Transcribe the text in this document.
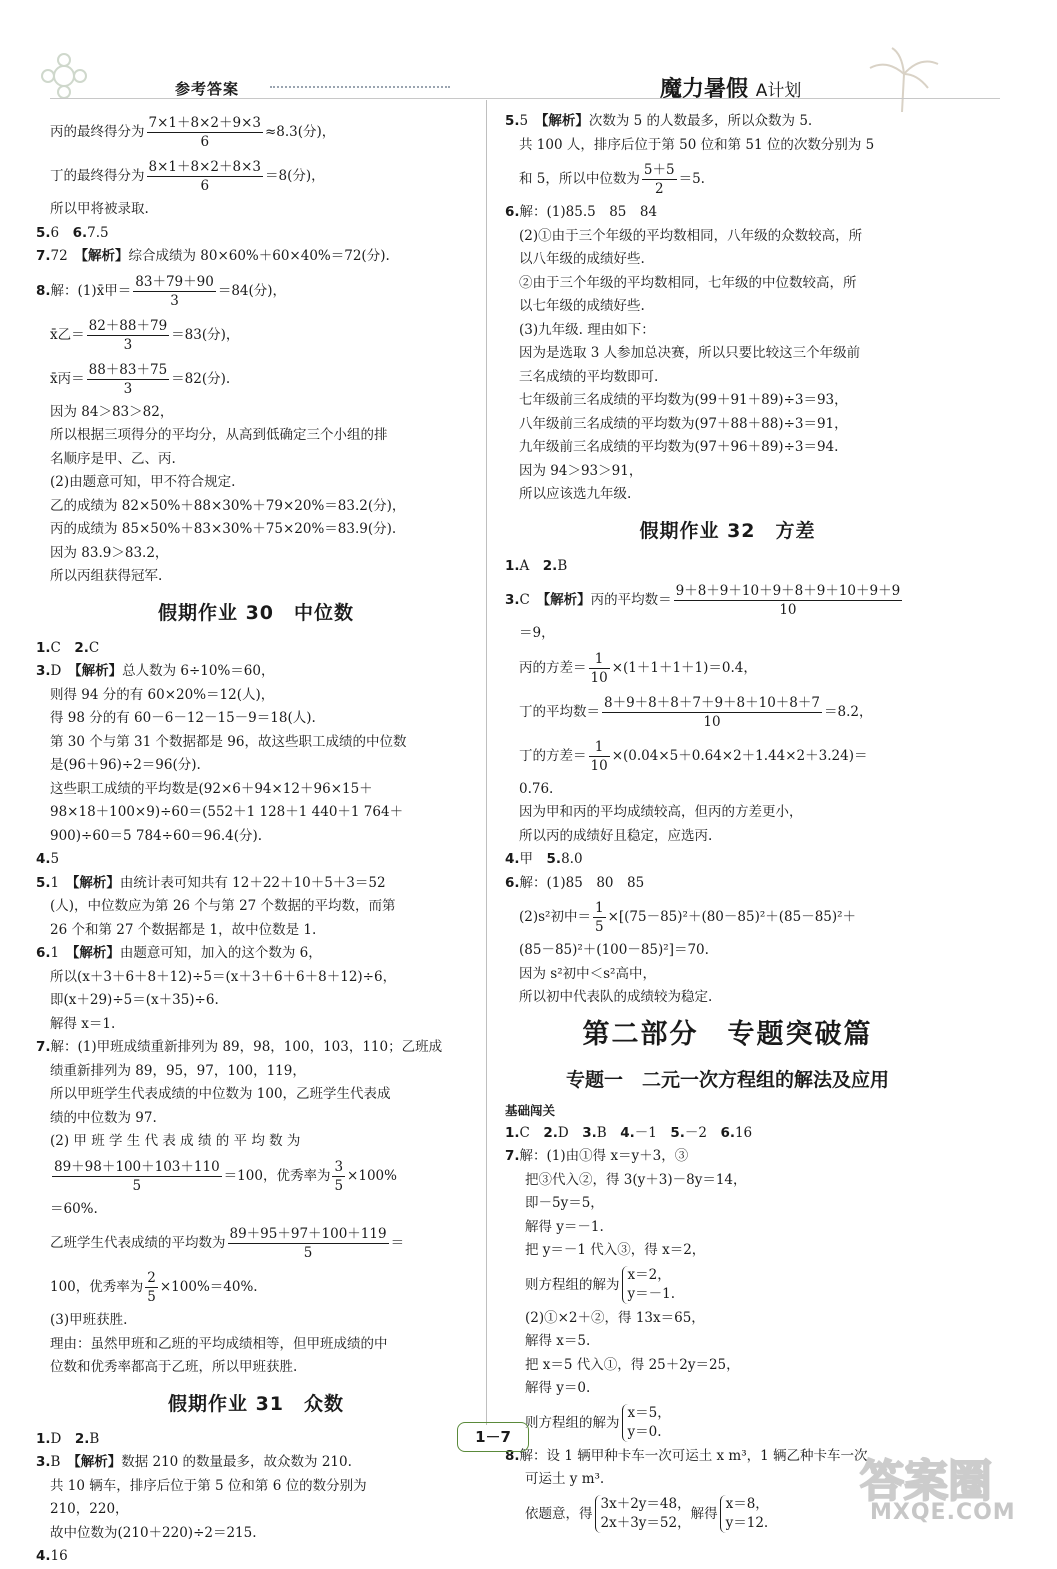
参考答案	魔力暑假 A计划
丙的最终得分为 $\frac{7\times 1+8\times 2+9\times 3}{6} \approx 8.3$(分)，
丁的最终得分为 $\frac{8\times 1+8\times 2+8\times 3}{6} =8$(分)，
所以甲将被录取.
5.6　6.7.5
7.72　【解析】综合成绩为 80×60%＋60×40%＝72(分).
8.解：(1)x̄甲＝ $\frac{83+79+90}{3} =84$(分)，
x̄乙＝ $\frac{82+88+79}{3} =83$(分)，
x̄丙＝ $\frac{88+83+75}{3} =82$(分).
因为 84＞83＞82，
所以根据三项得分的平均分，从高到低确定三个小组的排
名顺序是甲、乙、丙.
(2)由题意可知，甲不符合规定.
乙的成绩为 82×50%＋88×30%＋79×20%＝83.2(分)，
丙的成绩为 85×50%＋83×30%＋75×20%＝83.9(分).
因为 83.9＞83.2，
所以丙组获得冠军.
假期作业 30　中位数
1.C　2.C
3.D　【解析】总人数为 6÷10%＝60，
则得 94 分的有 60×20%＝12(人)，
得 98 分的有 60－6－12－15－9＝18(人).
第 30 个与第 31 个数据都是 96，故这些职工成绩的中位数
是(96＋96)÷2＝96(分).
这些职工成绩的平均数是(92×6＋94×12＋96×15＋
98×18＋100×9)÷60＝(552＋1 128＋1 440＋1 764＋
900)÷60＝5 784÷60＝96.4(分).
4.5
5.1　【解析】由统计表可知共有 12＋22＋10＋5＋3＝52
(人)，中位数应为第 26 个与第 27 个数据的平均数，而第
26 个和第 27 个数据都是 1，故中位数是 1.
6.1　【解析】由题意可知，加入的这个数为 6，
所以(x＋3＋6＋8＋12)÷5＝(x＋3＋6＋6＋8＋12)÷6，
即(x＋29)÷5＝(x＋35)÷6.
解得 x＝1.
7.解：(1)甲班成绩重新排列为 89，98，100，103，110；乙班成
绩重新排列为 89，95，97，100，119，
所以甲班学生代表成绩的中位数为 100，乙班学生代表成
绩的中位数为 97.
(2) 甲 班 学 生 代 表 成 绩 的 平 均 数 为
$\frac{89+98+100+103+110}{5} =100$，优秀率为 $\frac{3}{5} \times 100\%$
＝60%.
乙班学生代表成绩的平均数为 $\frac{89+95+97+100+119}{5}$ ＝
100，优秀率为 $\frac{2}{5} \times 100\%=40\%$.
(3)甲班获胜.
理由：虽然甲班和乙班的平均成绩相等，但甲班成绩的中
位数和优秀率都高于乙班，所以甲班获胜.
假期作业 31　众数
1.D　2.B
3.B　【解析】数据 210 的数量最多，故众数为 210.
共 10 辆车，排序后位于第 5 位和第 6 位的数分别为
210，220，
故中位数为(210＋220)÷2＝215.
4.16
5.5　【解析】次数为 5 的人数最多，所以众数为 5.
共 100 人，排序后位于第 50 位和第 51 位的次数分别为 5
和 5，所以中位数为 $\frac{5+5}{2} =5$.
6.解：(1)85.5　85　84
(2)①由于三个年级的平均数相同，八年级的众数较高，所
以八年级的成绩好些.
②由于三个年级的平均数相同，七年级的中位数较高，所
以七年级的成绩好些.
(3)九年级. 理由如下：
因为是选取 3 人参加总决赛，所以只要比较这三个年级前
三名成绩的平均数即可.
七年级前三名成绩的平均数为(99＋91＋89)÷3＝93，
八年级前三名成绩的平均数为(97＋88＋88)÷3＝91，
九年级前三名成绩的平均数为(97＋96＋89)÷3＝94.
因为 94＞93＞91，
所以应该选九年级.
假期作业 32　方差
1.A　2.B
3.C　【解析】丙的平均数＝ $\frac{9+8+9+10+9+8+9+10+9+9}{10}$
＝9，
丙的方差＝ $\frac{1}{10} \times(1+1+1+1)=0.4$，
丁的平均数＝ $\frac{8+9+8+8+7+9+8+10+8+7}{10} =8.2$，
丁的方差＝ $\frac{1}{10} \times(0.04\times 5+0.64\times 2+1.44\times 2+3.24)=$
0.76.
因为甲和丙的平均成绩较高，但丙的方差更小，
所以丙的成绩好且稳定，应选丙.
4.甲　5.8.0
6.解：(1)85　80　85
(2)s²初中＝ $\frac{1}{5} \times[(75-85)^2+(80-85)^2+(85-85)^2+$
(85－85)²＋(100－85)²]＝70.
因为 s²初中＜s²高中，
所以初中代表队的成绩较为稳定.
第二部分　专题突破篇
专题一　二元一次方程组的解法及应用
基础闯关
1.C　2.D　3.B　4.－1　5.－2　6.16
7.解：(1)由①得 x＝y＋3，③
把③代入②，得 3(y＋3)－8y＝14，
即－5y＝5，
解得 y＝－1.
把 y＝－1 代入③，得 x＝2，
则方程组的解为x＝2，
y＝－1.
(2)①×2＋②，得 13x＝65，
解得 x＝5.
把 x＝5 代入①，得 25＋2y＝25，
解得 y＝0.
则方程组的解为x＝5，
y＝0.
8.解：设 1 辆甲种卡车一次可运土 x m³，1 辆乙种卡车一次
可运土 y m³.
依题意，得3x＋2y＝48，
2x＋3y＝52，解得x＝8，
y＝12.
1－7
答案圈
MXQE.COM
